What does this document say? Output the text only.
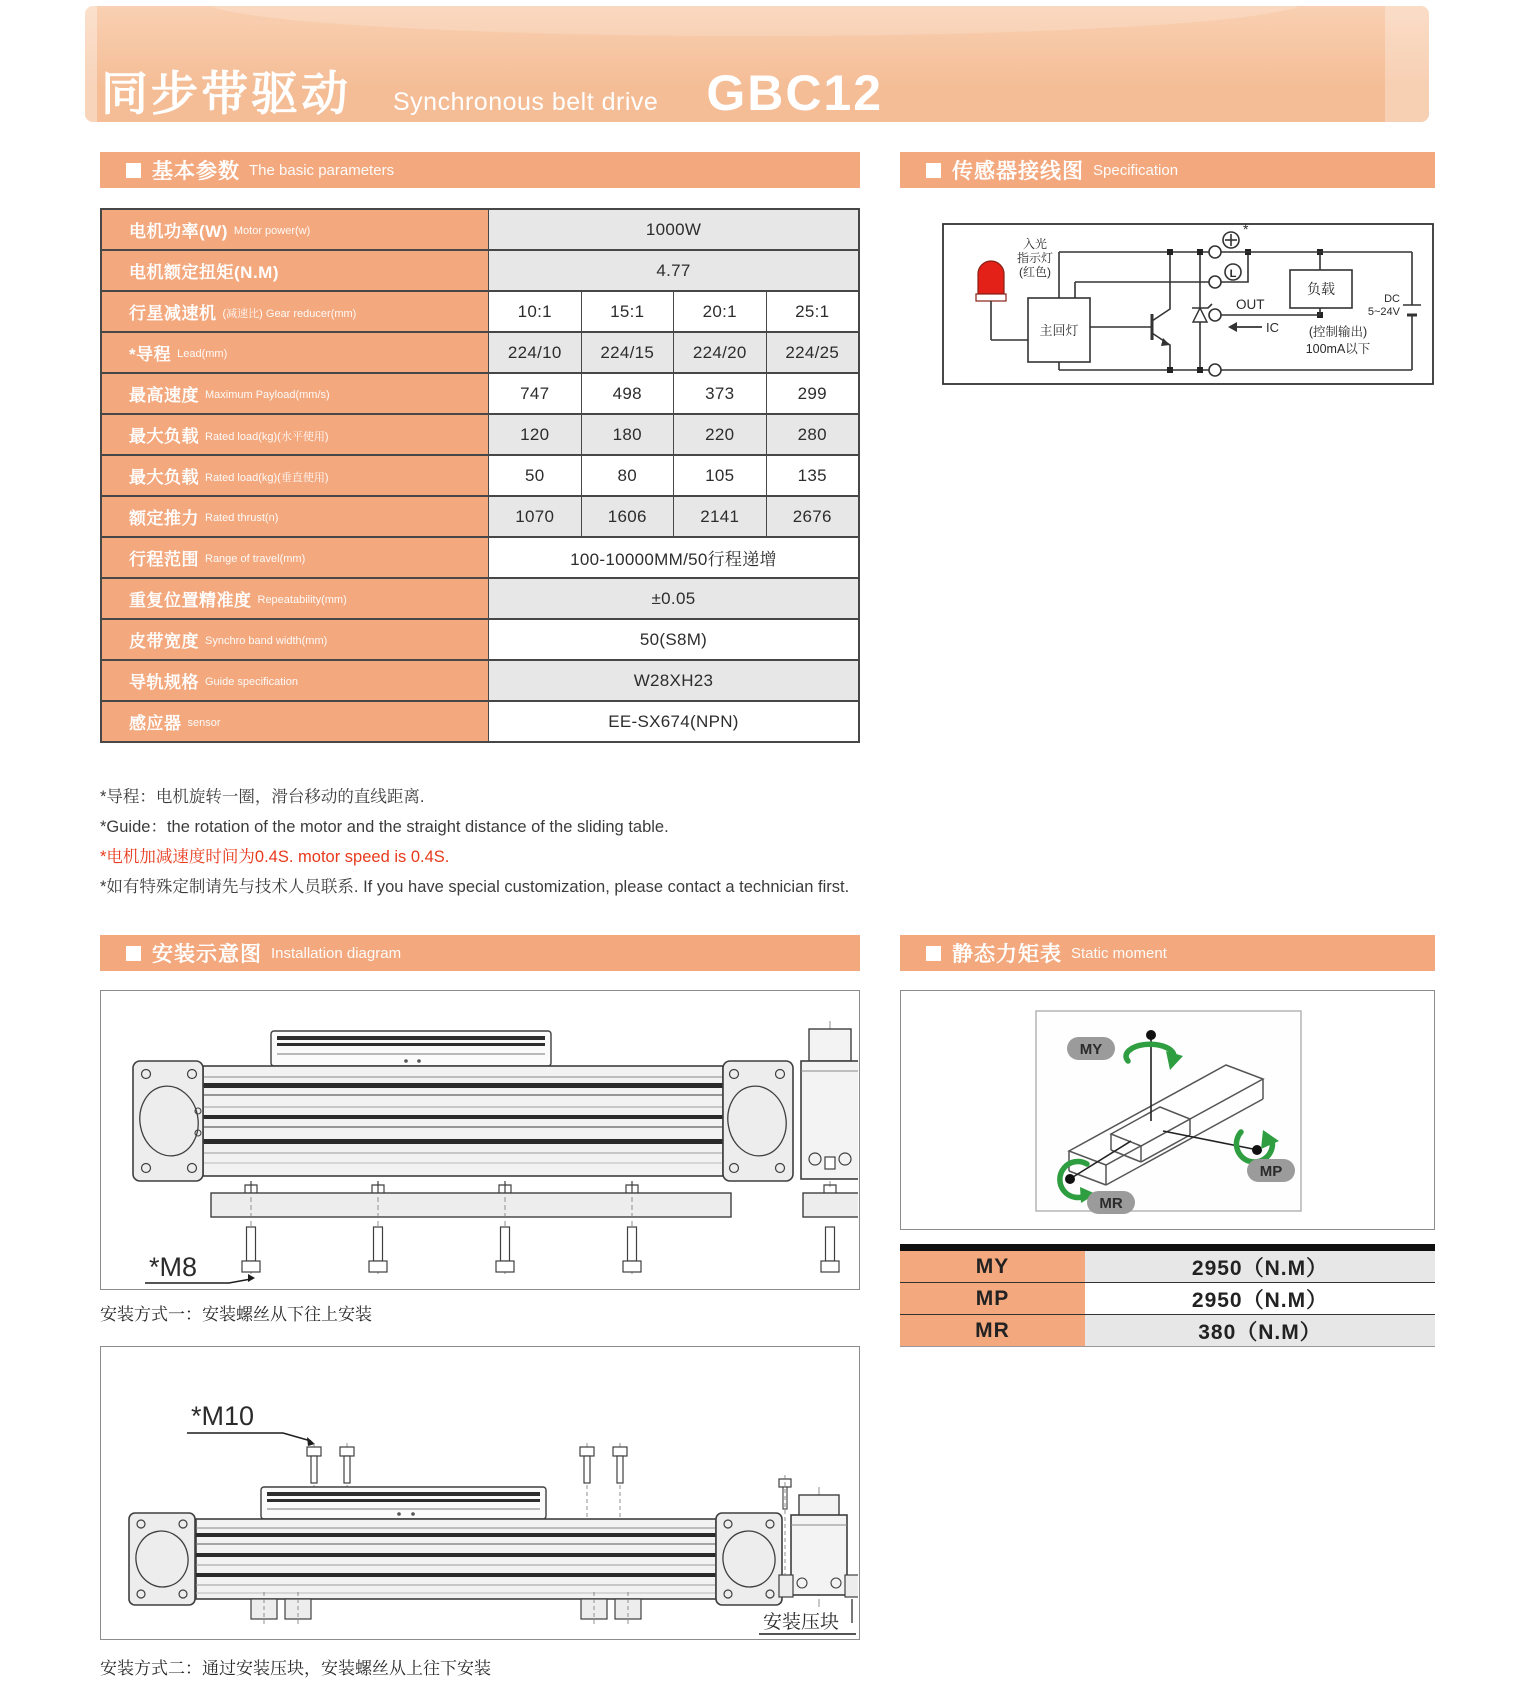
同步带驱动 Synchronous belt drive GBC12
基本参数 The basic parameters	传感器接线图 Specification
电机功率(W) Motor power(w)	1000W
电机额定扭矩(N.M)	4.77
行星减速机 (减速比) Gear reducer(mm)	10:1	15:1	20:1	25:1
*导程 Lead(mm)	224/10	224/15	224/20	224/25
最高速度 Maximum Payload(mm/s)	747	498	373	299
最大负载 Rated load(kg)(水平使用)	120	180	220	280
最大负载 Rated load(kg)(垂直使用)	50	80	105	135
额定推力 Rated thrust(n)	1070	1606	2141	2676
行程范围 Range of travel(mm)	100-10000MM/50行程递增
重复位置精准度 Repeatability(mm)	±0.05
皮带宽度 Synchro band width(mm)	50(S8M)
导轨规格 Guide specification	W28XH23
感应器 sensor	EE-SX674(NPN)
入光
指示灯
(红色)
主回灯
*
L
负载
OUT
IC (控制输出)
100mA以下
DC
5~24V
*导程：电机旋转一圈，滑台移动的直线距离.
*Guide：the rotation of the motor and the straight distance of the sliding table.
*电机加减速度时间为0.4S. motor speed is 0.4S.
*如有特殊定制请先与技术人员联系. If you have special customization, please contact a technician first.
安装示意图 Installation diagram	静态力矩表 Static moment
*M8
安装方式一：安装螺丝从下往上安装
*M10
安装压块
安装方式二：通过安装压块，安装螺丝从上往下安装
MY
MP
MR
MY	2950（N.M）
MP	2950（N.M）
MR	380（N.M）
